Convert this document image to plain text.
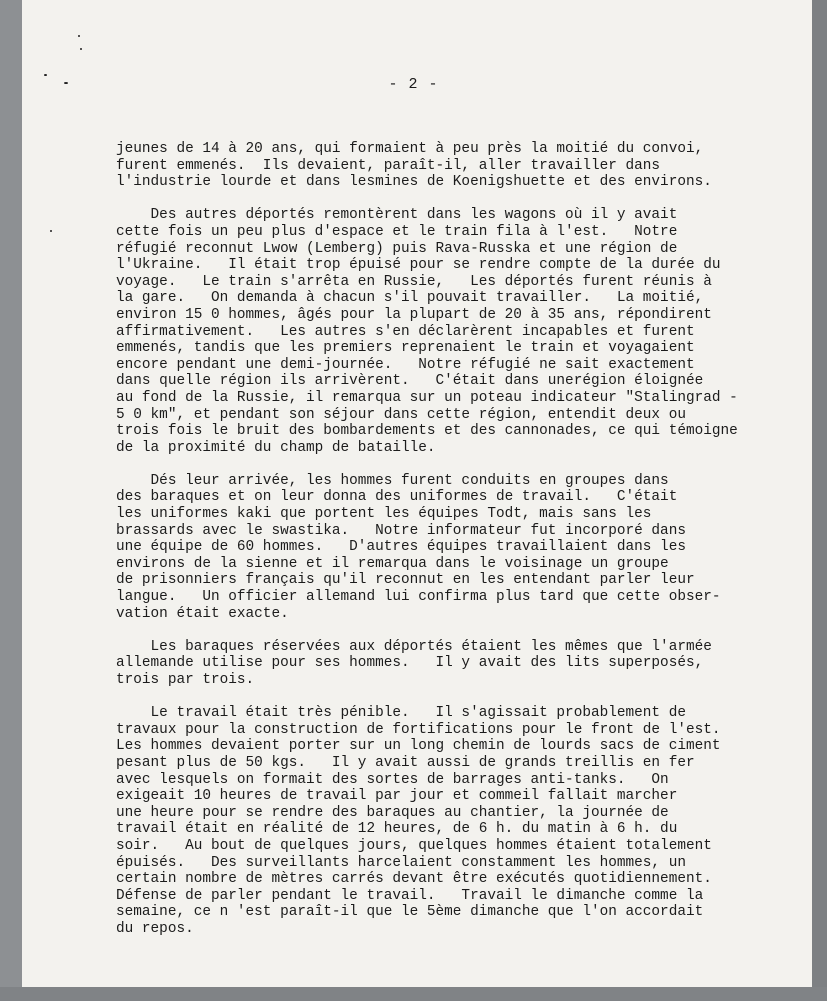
- 2 -
jeunes de 14 à 20 ans, qui formaient à peu près la moitié du convoi,
furent emmenés.  Ils devaient, paraît-il, aller travailler dans
l'industrie lourde et dans lesmines de Koenigshuette et des environs.
Des autres déportés remontèrent dans les wagons où il y avait
cette fois un peu plus d'espace et le train fila à l'est.   Notre
réfugié reconnut Lwow (Lemberg) puis Rava-Russka et une région de
l'Ukraine.   Il était trop épuisé pour se rendre compte de la durée du
voyage.   Le train s'arrêta en Russie,   Les déportés furent réunis à
la gare.   On demanda à chacun s'il pouvait travailler.   La moitié,
environ 15 0 hommes, âgés pour la plupart de 20 à 35 ans, répondirent
affirmativement.   Les autres s'en déclarèrent incapables et furent
emmenés, tandis que les premiers reprenaient le train et voyagaient
encore pendant une demi-journée.   Notre réfugié ne sait exactement
dans quelle région ils arrivèrent.   C'était dans unerégion éloignée
au fond de la Russie, il remarqua sur un poteau indicateur "Stalingrad -
5 0 km", et pendant son séjour dans cette région, entendit deux ou
trois fois le bruit des bombardements et des cannonades, ce qui témoigne
de la proximité du champ de bataille.
Dés leur arrivée, les hommes furent conduits en groupes dans
des baraques et on leur donna des uniformes de travail.   C'était
les uniformes kaki que portent les équipes Todt, mais sans les
brassards avec le swastika.   Notre informateur fut incorporé dans
une équipe de 60 hommes.   D'autres équipes travaillaient dans les
environs de la sienne et il remarqua dans le voisinage un groupe
de prisonniers français qu'il reconnut en les entendant parler leur
langue.   Un officier allemand lui confirma plus tard que cette obser-
vation était exacte.
Les baraques réservées aux déportés étaient les mêmes que l'armée
allemande utilise pour ses hommes.   Il y avait des lits superposés,
trois par trois.
Le travail était très pénible.   Il s'agissait probablement de
travaux pour la construction de fortifications pour le front de l'est.
Les hommes devaient porter sur un long chemin de lourds sacs de ciment
pesant plus de 50 kgs.   Il y avait aussi de grands treillis en fer
avec lesquels on formait des sortes de barrages anti-tanks.   On
exigeait 10 heures de travail par jour et commeil fallait marcher
une heure pour se rendre des baraques au chantier, la journée de
travail était en réalité de 12 heures, de 6 h. du matin à 6 h. du
soir.   Au bout de quelques jours, quelques hommes étaient totalement
épuisés.   Des surveillants harcelaient constamment les hommes, un
certain nombre de mètres carrés devant être exécutés quotidiennement.
Défense de parler pendant le travail.   Travail le dimanche comme la
semaine, ce n 'est paraît-il que le 5ème dimanche que l'on accordait
du repos.
